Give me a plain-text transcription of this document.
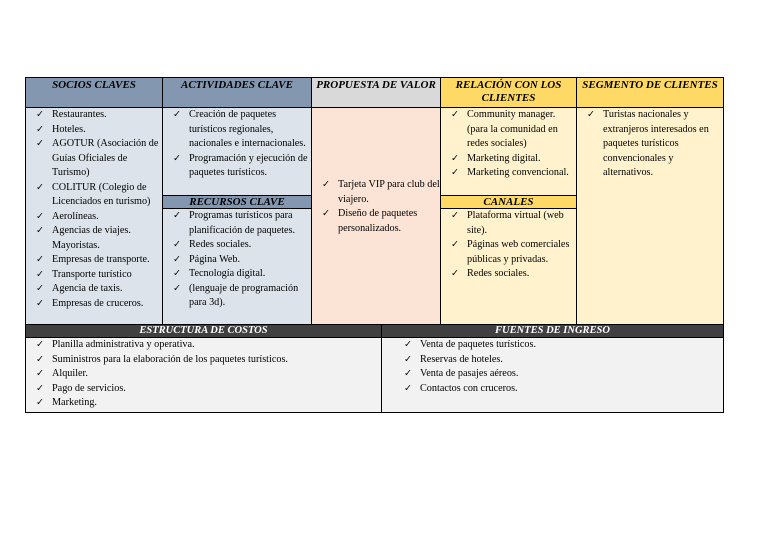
SOCIOS CLAVES
✓ Restaurantes.
✓ Hoteles.
✓ AGOTUR (Asociación de Guías Oficiales de Turismo)
✓ COLITUR (Colegio de Licenciados en turismo)
✓ Aerolíneas.
✓ Agencias de viajes. Mayoristas.
✓ Empresas de transporte.
✓ Transporte turístico
✓ Agencia de taxis.
✓ Empresas de cruceros.
ACTIVIDADES CLAVE
✓ Creación de paquetes turísticos regionales, nacionales e internacionales.
✓ Programación y ejecución de paquetes turísticos.
RECURSOS CLAVE
✓ Programas turísticos para planificación de paquetes.
✓ Redes sociales.
✓ Página Web.
✓ Tecnología digital.
✓ (lenguaje de programación para 3d).
PROPUESTA DE VALOR
✓ Tarjeta VIP para club del viajero.
✓ Diseño de paquetes personalizados.
RELACIÓN CON LOS CLIENTES
✓ Community manager. (para la comunidad en redes sociales)
✓ Marketing digital.
✓ Marketing convencional.
CANALES
✓ Plataforma virtual (web site).
✓ Páginas web comerciales públicas y privadas.
✓ Redes sociales.
SEGMENTO DE CLIENTES
✓ Turistas nacionales y extranjeros interesados en paquetes turísticos convencionales y alternativos.
ESTRUCTURA DE COSTOS
✓ Planilla administrativa y operativa.
✓ Suministros para la elaboración de los paquetes turísticos.
✓ Alquiler.
✓ Pago de servicios.
✓ Marketing.
FUENTES DE INGRESO
✓ Venta de paquetes turísticos.
✓ Reservas de hoteles.
✓ Venta de pasajes aéreos.
✓ Contactos con cruceros.
